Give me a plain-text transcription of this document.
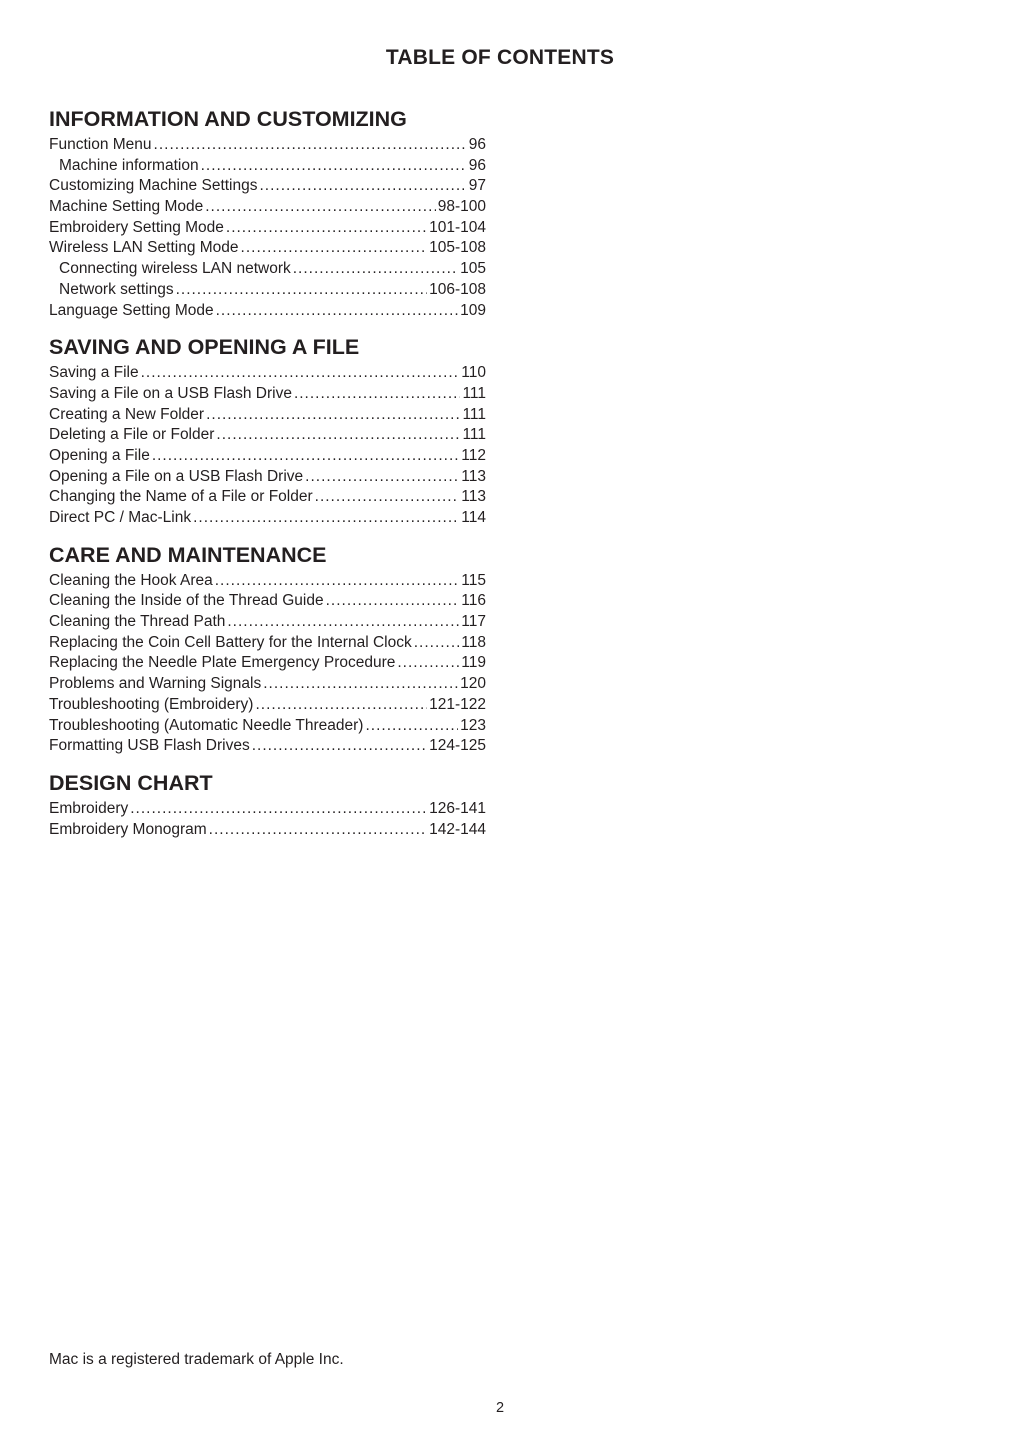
TABLE OF CONTENTS
INFORMATION AND CUSTOMIZING
Function Menu .....	96
Machine information .....	96
Customizing Machine Settings .....	97
Machine Setting Mode .....	98-100
Embroidery Setting Mode .....	101-104
Wireless LAN Setting Mode .....	105-108
Connecting wireless LAN network .....	105
Network settings .....	106-108
Language Setting Mode .....	109
SAVING AND OPENING A FILE
Saving a File .....	110
Saving a File on a USB Flash Drive .....	111
Creating a New Folder .....	111
Deleting a File or Folder .....	111
Opening a File .....	112
Opening a File on a USB Flash Drive .....	113
Changing the Name of a File or Folder .....	113
Direct PC / Mac-Link .....	114
CARE AND MAINTENANCE
Cleaning the Hook Area .....	115
Cleaning the Inside of the Thread Guide .....	116
Cleaning the Thread Path .....	117
Replacing the Coin Cell Battery for the Internal Clock .....	118
Replacing the Needle Plate Emergency Procedure .....	119
Problems and Warning Signals .....	120
Troubleshooting (Embroidery) .....	121-122
Troubleshooting (Automatic Needle Threader) .....	123
Formatting USB Flash Drives .....	124-125
DESIGN CHART
Embroidery .....	126-141
Embroidery Monogram .....	142-144
Mac is a registered trademark of Apple Inc.
2
